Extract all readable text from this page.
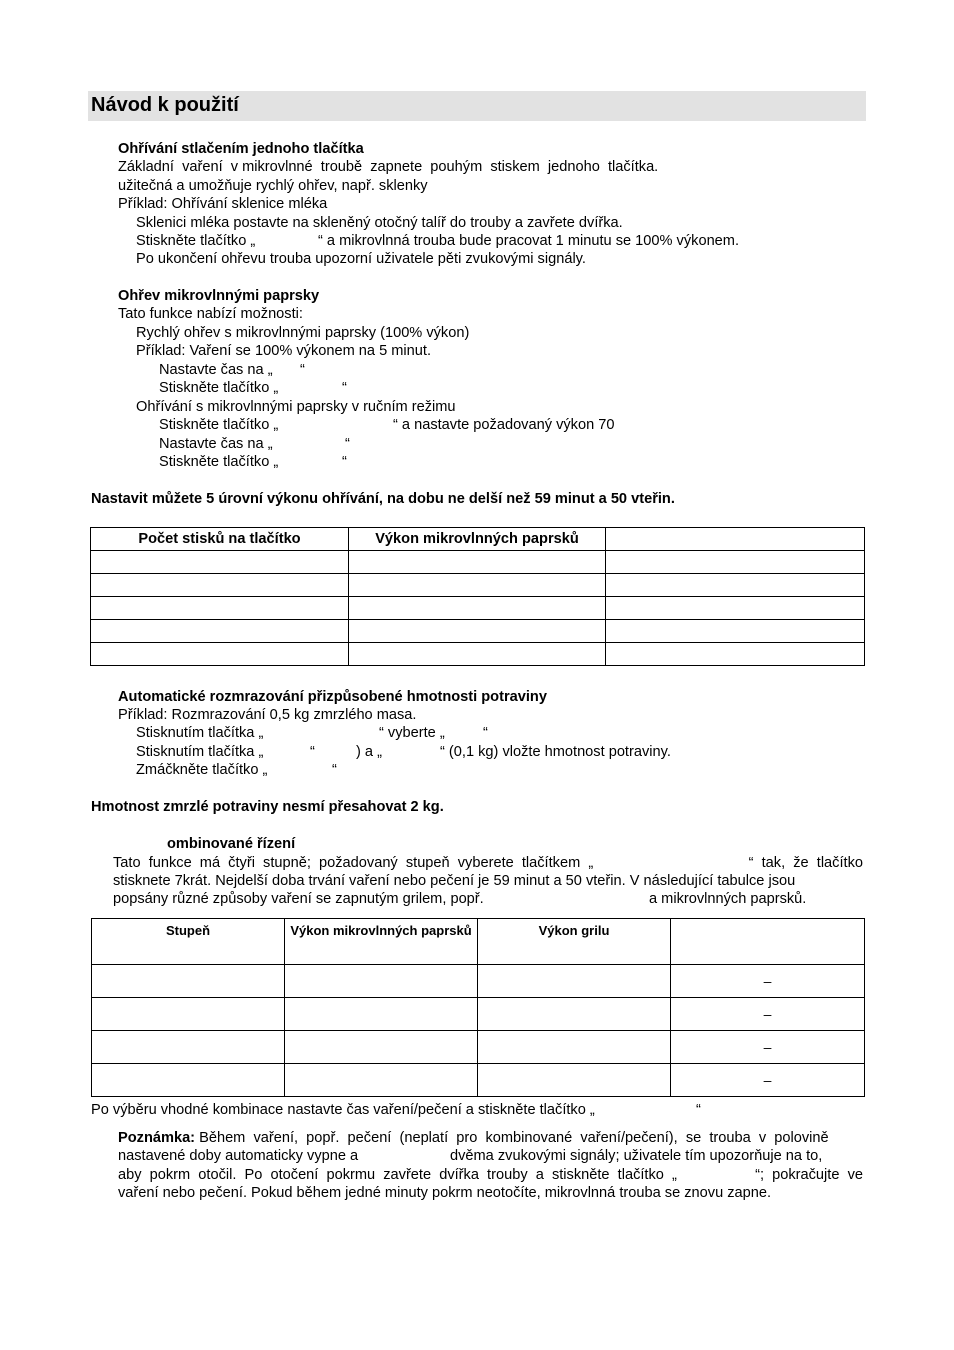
Návod k použití
Ohřívání stlačením jednoho tlačítka
Základní  vaření  v mikrovlnné  troubě  zapnete  pouhým  stiskem  jednoho  tlačítka.
užitečná a umožňuje rychlý ohřev, např. sklenky
Příklad: Ohřívání sklenice mléka
Sklenici mléka postavte na skleněný otočný talíř do trouby a zavřete dvířka.
Stiskněte tlačítko „	“ a mikrovlnná trouba bude pracovat 1 minutu se 100% výkonem.
Po ukončení ohřevu trouba upozorní uživatele pěti zvukovými signály.
Ohřev mikrovlnnými paprsky
Tato funkce nabízí možnosti:
Rychlý ohřev s mikrovlnnými paprsky (100% výkon)
Příklad: Vaření se 100% výkonem na 5 minut.
Nastavte čas na „ “
Stiskněte tlačítko „	“
Ohřívání s mikrovlnnými paprsky v ručním režimu
Stiskněte tlačítko „	“ a nastavte požadovaný výkon 70
Nastavte čas na „	“
Stiskněte tlačítko „	“
Nastavit můžete 5 úrovní výkonu ohřívání, na dobu ne delší než 59 minut a 50 vteřin.
Počet stisků na tlačítko	Výkon mikrovlnných paprsků	

Automatické rozmrazování přizpůsobené hmotnosti potraviny
Příklad: Rozmrazování 0,5 kg zmrzlého masa.
Stisknutím tlačítka „	“ vyberte „	“
Stisknutím tlačítka „	“	) a „	“ (0,1 kg) vložte hmotnost potraviny.
Zmáčkněte tlačítko „	“
Hmotnost zmrzlé potraviny nesmí přesahovat 2 kg.
ombinované řízení
Tato  funkce  má  čtyři  stupně;  požadovaný  stupeň  vyberete  tlačítkem  „	“  tak,  že  tlačítko
stisknete 7krát. Nejdelší doba trvání vaření nebo pečení je 59 minut a 50 vteřin. V následující tabulce jsou
popsány různé způsoby vaření se zapnutým grilem, popř.	a mikrovlnných paprsků.
Stupeň	Výkon mikrovlnných paprsků	Výkon grilu	
			–
			–
			–
			–
Po výběru vhodné kombinace nastavte čas vaření/pečení a stiskněte tlačítko „	“
Poznámka: Během  vaření,  popř.  pečení  (neplatí  pro  kombinované  vaření/pečení),  se  trouba  v  polovině
nastavené doby automaticky vypne a	dvěma zvukovými signály; uživatele tím upozorňuje na to,
aby  pokrm  otočil.  Po  otočení  pokrmu  zavřete  dvířka  trouby  a  stiskněte  tlačítko  „	“;  pokračujte  ve
vaření nebo pečení. Pokud během jedné minuty pokrm neotočíte, mikrovlnná trouba se znovu zapne.
